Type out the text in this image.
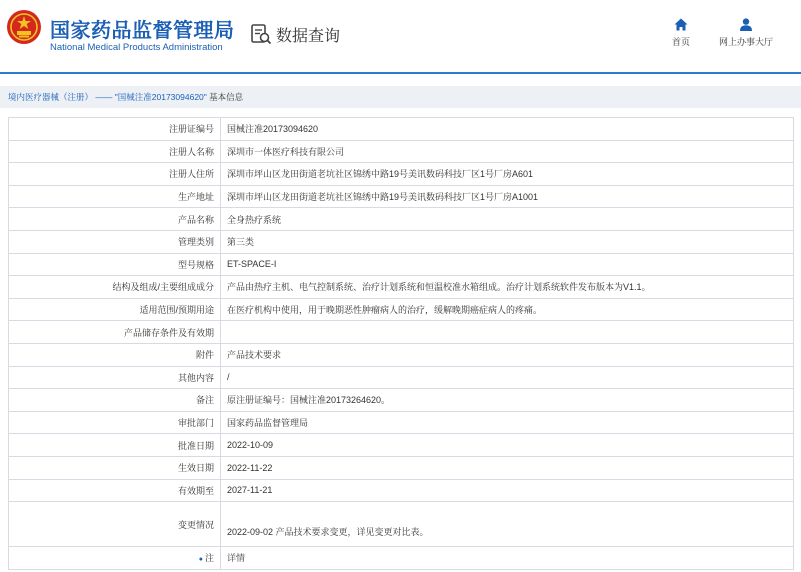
国家药品监督管理局
National Medical Products Administration
数据查询	首页	网上办事大厅
境内医疗器械（注册） —— "国械注准20173094620" 基本信息
注册证编号	国械注准20173094620
注册人名称	深圳市一体医疗科技有限公司
注册人住所	深圳市坪山区龙田街道老坑社区锦绣中路19号美讯数码科技厂区1号厂房A601
生产地址	深圳市坪山区龙田街道老坑社区锦绣中路19号美讯数码科技厂区1号厂房A1001
产品名称	全身热疗系统
管理类别	第三类
型号规格	ET-SPACE-I
结构及组成/主要组成成分	产品由热疗主机、电气控制系统、治疗计划系统和恒温校准水箱组成。治疗计划系统软件发布版本为V1.1。
适用范围/预期用途	在医疗机构中使用，用于晚期恶性肿瘤病人的治疗，缓解晚期癌症病人的疼痛。
产品储存条件及有效期	
附件	产品技术要求
其他内容	/
备注	原注册证编号：国械注准20173264620。
审批部门	国家药品监督管理局
批准日期	2022-10-09
生效日期	2022-11-22
有效期至	2027-11-21
变更情况	2022-09-02 产品技术要求变更，详见变更对比表。
● 注	详情
